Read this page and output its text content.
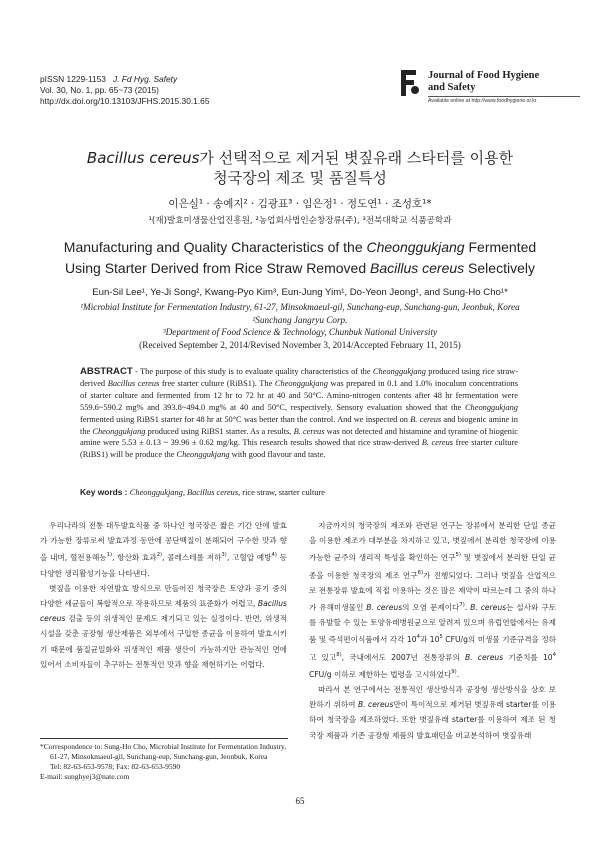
pISSN 1229-1153 J. Fd Hyg. Safety
Vol. 30, No. 1, pp. 65~73 (2015)
http://dx.doi.org/10.13103/JFHS.2015.30.1.65
Journal of Food Hygiene
and Safety
Available online at http://www.foodhygiene.or.kr
Bacillus cereus가 선택적으로 제거된 볏짚유래 스타터를 이용한
청국장의 제조 및 품질특성
이은실¹ · 송예지² · 김광표³ · 임은정¹ · 정도연¹ · 조성호¹*
¹(재)발효미생물산업진흥원, ²농업회사법인순창장류(주), ³전북대학교 식품공학과
Manufacturing and Quality Characteristics of the Cheonggukjang Fermented
Using Starter Derived from Rice Straw Removed Bacillus cereus Selectively
Eun-Sil Lee¹, Ye-Ji Song², Kwang-Pyo Kim³, Eun-Jung Yim¹, Do-Yeon Jeong¹, and Sung-Ho Cho¹*
¹Microbial Institute for Fermentation Industry, 61-27, Minsokmaeul-gil, Sunchang-eup, Sunchang-gun, Jeonbuk, Korea
²Sunchang Jangryu Corp.
³Department of Food Science & Technology, Chunbuk National University
(Received September 2, 2014/Revised November 3, 2014/Accepted February 11, 2015)
ABSTRACT - The purpose of this study is to evaluate quality characteristics of the Cheonggukjang produced using rice straw-derived Bacillus cereus free starter culture (RiBS1). The Cheonggukjang was prepared in 0.1 and 1.0% inoculum concentrations of starter culture and fermented from 12 hr to 72 hr at 40 and 50°C. Amino-nitrogen contents after 48 hr fermentation were 559.6~590.2 mg% and 393.8~494.0 mg% at 40 and 50°C, respectively. Sensory evaluation showed that the Cheonggukjang fermented using RiBS1 starter for 48 hr at 50°C was better than the control. And we inspected on B. cereus and biogenic amine in the Cheonggukjang produced using RiBS1 starter. As a results, B. cereus was not detected and histamine and tyramine of biogenic amine were 5.53 ± 0.13 ~ 39.96 ± 0.62 mg/kg. This research results showed that rice straw-derived B. cereus free starter culture (RiBS1) will be produce the Cheonggukjang with good flavour and taste.
Key words : Cheonggukjang, Bacillus cereus, rice straw, starter culture

우리나라의 전통 대두발효식품 중 하나인 청국장은 짧은 기간 안에 발효가 가능한 장류로써 발효과정 동안에 콩단백질이 분해되어 구수한 맛과 향을 내며, 혈전용해능$^{1)}$, 항산화 효과$^{2)}$, 콜레스테롤 저하$^{3)}$, 고혈압 예방$^{4)}$ 등 다양한 생리활성기능을 나타낸다.

볏짚을 이용한 자연발효 방식으로 만들어진 청국장은 토양과 공기 중의 다양한 세균들이 복합적으로 작용하므로 제품의 표준화가 어렵고, Bacillus cereus 검출 등의 위생적인 문제도 제기되고 있는 실정이다. 반면, 위생적 시설을 갖춘 공장형 생산제품은 외부에서 구입한 종균을 이용하여 발효시키기 때문에 품질균일화와 위생적인 제품 생산이 가능하지만 관능적인 면에 있어서 소비자들이 추구하는 전통적인 맛과 향을 재현하기는 어렵다.

지금까지의 청국장의 제조와 관련된 연구는 장류에서 분리한 단일 종균을 이용한 제조가 대부분을 차지하고 있고, 볏짚에서 분리한 청국장에 이용 가능한 균주의 생리적 특성을 확인하는 연구$^{5)}$ 및 볏짚에서 분리한 단일 균종을 이용한 청국장의 제조 연구$^{6)}$가 진행되었다. 그러나 볏짚을 산업적으로 전통장류 발효에 직접 이용하는 것은 많은 제약이 따르는데 그 중의 하나가 유해미생물인 B. cereus의 오염 문제이다$^{7)}$. B. cereus는 설사와 구토를 유발할 수 있는 토양유래병원균으로 알려져 있으며 유럽연합에서는 유제품 및 즉석편이식품에서 각각 $10^4$과 $10^5$ CFU/g의 미생물 기준규격을 정하고 있고$^{8)}$, 국내에서도 2007년 전통장류의 B. cereus 기준치를 $10^4$ CFU/g 이하로 제한하는 법령을 고시하였다$^{9)}$.

따라서 본 연구에서는 전통적인 생산방식과 공장형 생산방식을 상호 보완하기 위하여 B. cereus만이 특이적으로 제거된 볏짚유래 starter를 이용하여 청국장을 제조하였다. 또한 볏짚유래 starter를 이용하여 제조 된 청국장 제품과 기존 공장형 제품의 발효패턴을 비교분석하여 볏짚유래

*Correspondence to: Sung-Ho Cho, Microbial Institute for Fermentation Industry, 61-27, Minsokmaeul-gil, Sunchang-eup, Sunchang-gun, Jeonbuk, Korea
Tel: 82-63-653-9578; Fax: 82-63-653-9590
E-mail: sunghyej3@nate.com
65
